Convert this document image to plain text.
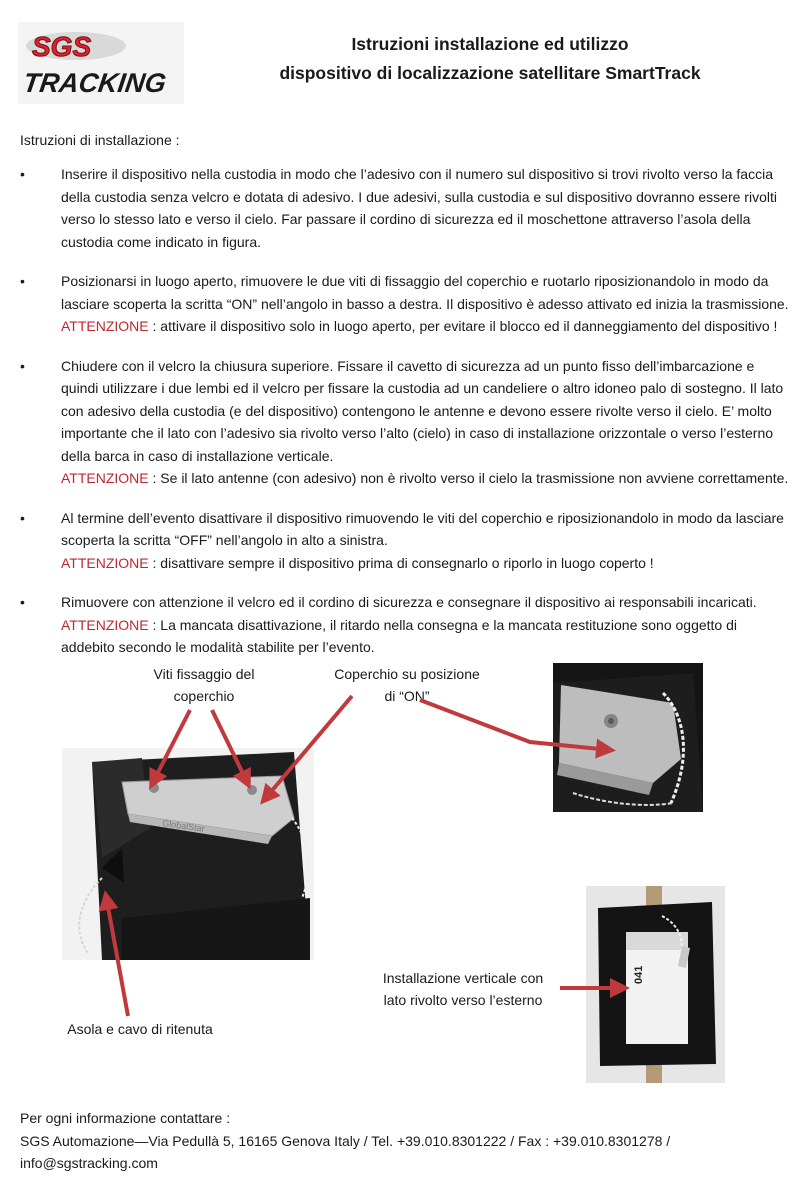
SGS
TRACKING
Istruzioni installazione ed utilizzo
dispositivo di localizzazione satellitare SmartTrack
Istruzioni di installazione :
•	Inserire il dispositivo nella custodia in modo che l’adesivo con il numero sul dispositivo si trovi rivolto verso la faccia della custodia senza velcro e dotata di adesivo. I due adesivi, sulla custodia e sul dispositivo dovranno essere rivolti verso lo stesso lato e verso il cielo. Far passare il cordino di sicurezza ed il moschettone attraverso l’asola della custodia come indicato in figura.
•	Posizionarsi in luogo aperto, rimuovere le due viti di fissaggio del coperchio e ruotarlo riposizionandolo in modo da lasciare scoperta la scritta “ON” nell’angolo in basso a destra. Il dispositivo è adesso attivato ed inizia la trasmissione.
ATTENZIONE : attivare il dispositivo solo in luogo aperto, per evitare il blocco ed il danneggiamento del dispositivo !
•	Chiudere con il velcro la chiusura superiore. Fissare il cavetto di sicurezza ad un punto fisso dell’imbarcazione e quindi utilizzare i due lembi ed il velcro per fissare la custodia ad un candeliere o altro idoneo palo di sostegno. Il lato con adesivo della custodia (e del dispositivo) contengono le antenne e devono essere rivolte verso il cielo. E’ molto importante che il lato con l’adesivo sia rivolto verso l’alto (cielo) in caso di installazione orizzontale o verso l’esterno della barca in caso di installazione verticale.
ATTENZIONE : Se il lato antenne (con adesivo) non è rivolto verso il cielo la trasmissione non avviene correttamente.
•	Al termine dell’evento disattivare il dispositivo rimuovendo le viti del coperchio e riposizionandolo in modo da lasciare scoperta la scritta “OFF” nell’angolo in alto a sinistra.
ATTENZIONE : disattivare sempre il dispositivo prima di consegnarlo o riporlo in luogo coperto !
•	Rimuovere con attenzione il velcro ed il cordino di sicurezza e consegnare il dispositivo ai responsabili incaricati.
ATTENZIONE : La mancata disattivazione, il ritardo nella consegna e la mancata restituzione sono oggetto di addebito secondo le modalità stabilite per l’evento.
GlobalStar
041
Viti fissaggio del
coperchio
Coperchio su posizione
di “ON”
Asola e cavo di ritenuta
Installazione verticale con
lato rivolto verso l’esterno
Per ogni informazione contattare :
SGS Automazione—Via Pedullà 5, 16165 Genova Italy / Tel. +39.010.8301222 / Fax : +39.010.8301278 / info@sgstracking.com
